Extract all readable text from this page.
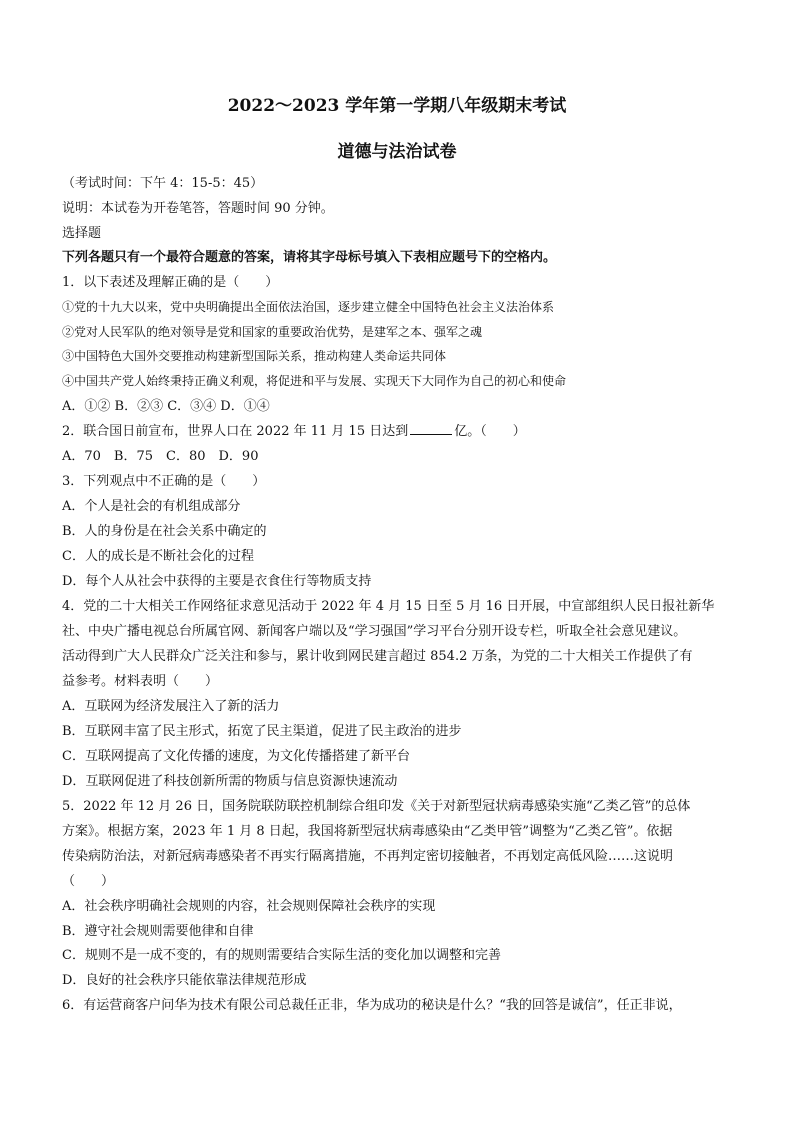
2022～2023 学年第一学期八年级期末考试
道德与法治试卷
（考试时间：下午 4：15-5：45）
说明：本试卷为开卷笔答，答题时间 90 分钟。
选择题
下列各题只有一个最符合题意的答案，请将其字母标号填入下表相应题号下的空格内。
1．以下表述及理解正确的是（　　）
①党的十九大以来，党中央明确提出全面依法治国，逐步建立健全中国特色社会主义法治体系
②党对人民军队的绝对领导是党和国家的重要政治优势，是建军之本、强军之魂
③中国特色大国外交要推动构建新型国际关系，推动构建人类命运共同体
④中国共产党人始终秉持正确义利观，将促进和平与发展、实现天下大同作为自己的初心和使命
A．①② B．②③ C．③④ D．①④
2．联合国日前宣布，世界人口在 2022 年 11 月 15 日达到	亿。（　　）
A．70　B．75　C．80　D．90
3．下列观点中不正确的是（　　）
A．个人是社会的有机组成部分
B．人的身份是在社会关系中确定的
C．人的成长是不断社会化的过程
D．每个人从社会中获得的主要是衣食住行等物质支持
4．党的二十大相关工作网络征求意见活动于 2022 年 4 月 15 日至 5 月 16 日开展，中宣部组织人民日报社新华
社、中央广播电视总台所属官网、新闻客户端以及“学习强国”学习平台分别开设专栏，听取全社会意见建议。
活动得到广大人民群众广泛关注和参与，累计收到网民建言超过 854.2 万条，为党的二十大相关工作提供了有
益参考。材料表明（　　）
A．互联网为经济发展注入了新的活力
B．互联网丰富了民主形式，拓宽了民主渠道，促进了民主政治的进步
C．互联网提高了文化传播的速度，为文化传播搭建了新平台
D．互联网促进了科技创新所需的物质与信息资源快速流动
5．2022 年 12 月 26 日，国务院联防联控机制综合组印发《关于对新型冠状病毒感染实施“乙类乙管”的总体
方案》。根据方案，2023 年 1 月 8 日起，我国将新型冠状病毒感染由“乙类甲管”调整为“乙类乙管”。依据
传染病防治法，对新冠病毒感染者不再实行隔离措施，不再判定密切接触者，不再划定高低风险……这说明
（　　）
A．社会秩序明确社会规则的内容，社会规则保障社会秩序的实现
B．遵守社会规则需要他律和自律
C．规则不是一成不变的，有的规则需要结合实际生活的变化加以调整和完善
D．良好的社会秩序只能依靠法律规范形成
6．有运营商客户问华为技术有限公司总裁任正非，华为成功的秘诀是什么？“我的回答是诚信”，任正非说，
